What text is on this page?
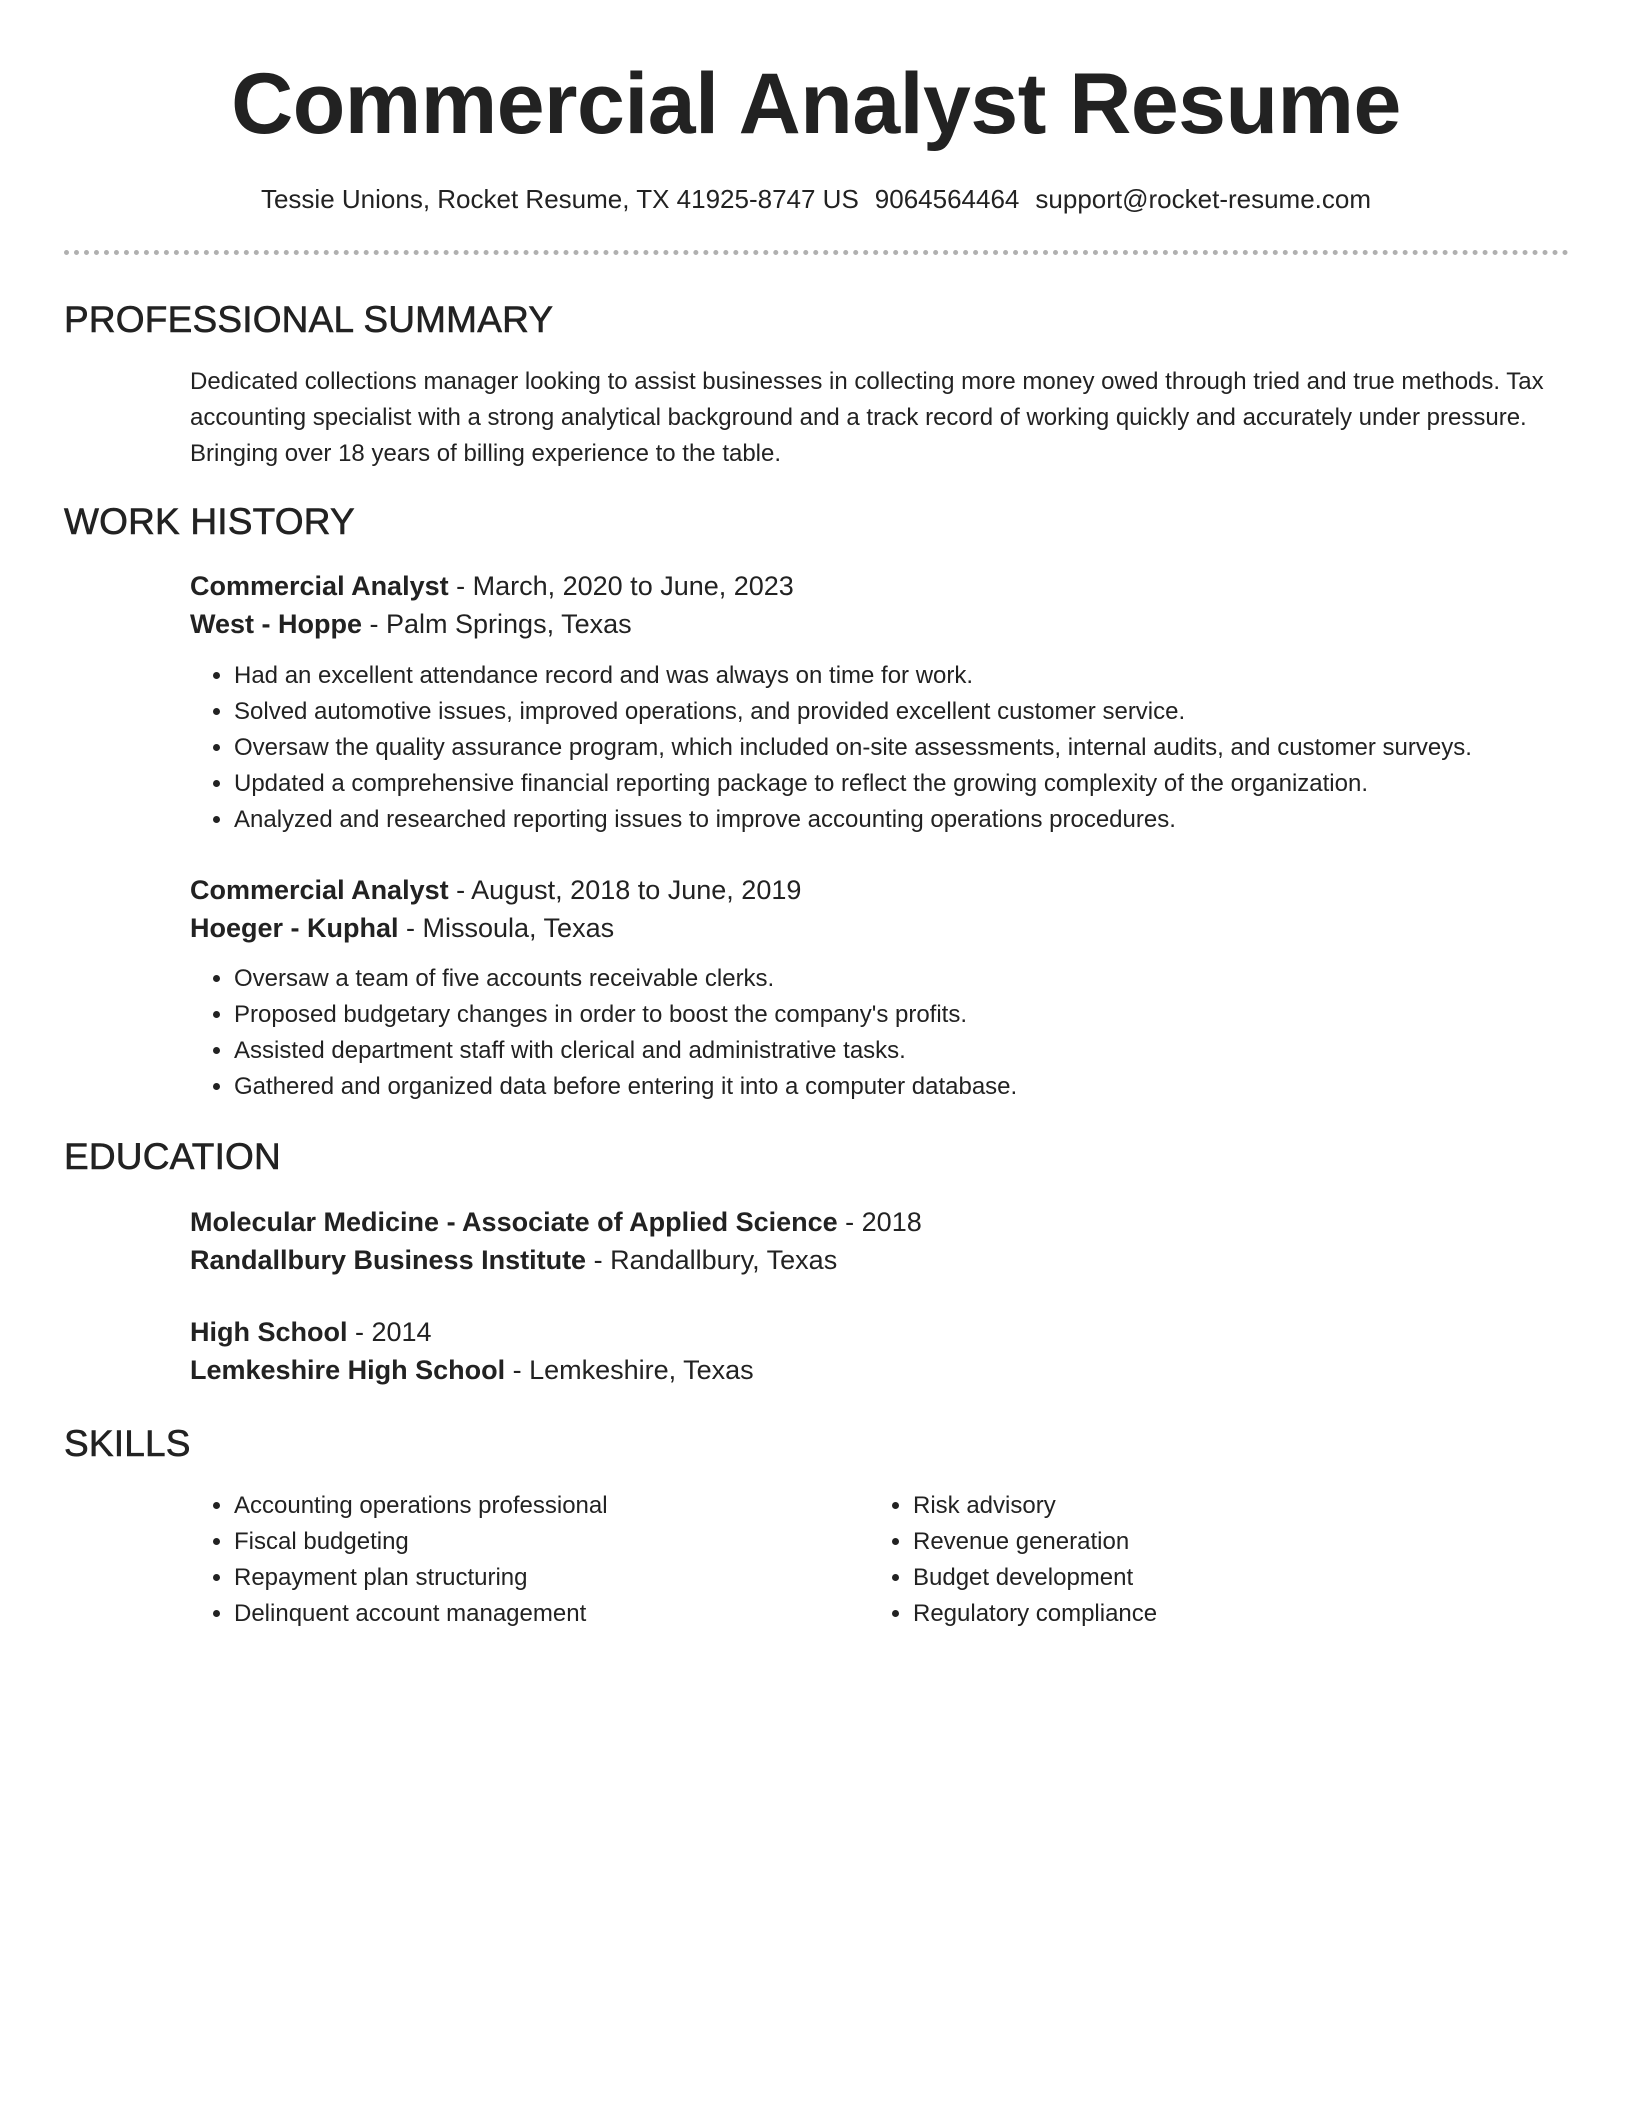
Commercial Analyst Resume
Tessie Unions, Rocket Resume, TX 41925-8747 US 9064564464 support@rocket-resume.com
PROFESSIONAL SUMMARY
Dedicated collections manager looking to assist businesses in collecting more money owed through tried and true methods. Tax accounting specialist with a strong analytical background and a track record of working quickly and accurately under pressure. Bringing over 18 years of billing experience to the table.
WORK HISTORY
Commercial Analyst - March, 2020 to June, 2023
West - Hoppe - Palm Springs, Texas
• Had an excellent attendance record and was always on time for work.
• Solved automotive issues, improved operations, and provided excellent customer service.
• Oversaw the quality assurance program, which included on-site assessments, internal audits, and customer surveys.
• Updated a comprehensive financial reporting package to reflect the growing complexity of the organization.
• Analyzed and researched reporting issues to improve accounting operations procedures.
Commercial Analyst - August, 2018 to June, 2019
Hoeger - Kuphal - Missoula, Texas
• Oversaw a team of five accounts receivable clerks.
• Proposed budgetary changes in order to boost the company's profits.
• Assisted department staff with clerical and administrative tasks.
• Gathered and organized data before entering it into a computer database.
EDUCATION
Molecular Medicine - Associate of Applied Science - 2018
Randallbury Business Institute - Randallbury, Texas
High School - 2014
Lemkeshire High School - Lemkeshire, Texas
SKILLS
• Accounting operations professional
• Fiscal budgeting
• Repayment plan structuring
• Delinquent account management
• Risk advisory
• Revenue generation
• Budget development
• Regulatory compliance
